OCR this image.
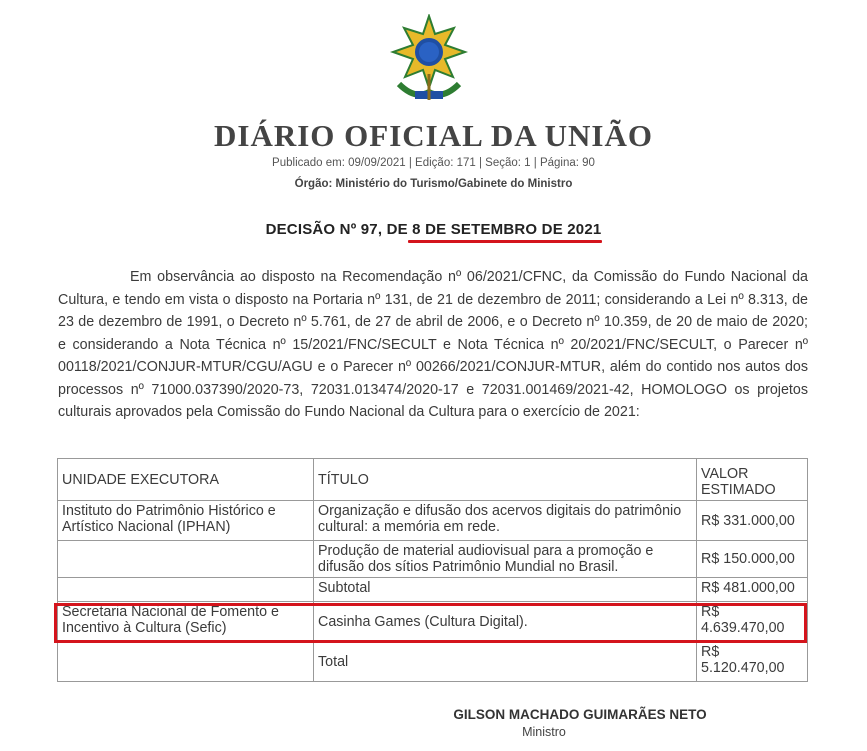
DIÁRIO OFICIAL DA UNIÃO
Publicado em: 09/09/2021 | Edição: 171 | Seção: 1 | Página: 90
Órgão: Ministério do Turismo/Gabinete do Ministro
DECISÃO Nº 97, DE 8 DE SETEMBRO DE 2021

Em observância ao disposto na Recomendação nº 06/2021/CFNC, da Comissão do Fundo Nacional da Cultura, e tendo em vista o disposto na Portaria nº 131, de 21 de dezembro de 2011; considerando a Lei nº 8.313, de 23 de dezembro de 1991, o Decreto nº 5.761, de 27 de abril de 2006, e o Decreto nº 10.359, de 20 de maio de 2020; e considerando a Nota Técnica nº 15/2021/FNC/SECULT e Nota Técnica nº 20/2021/FNC/SECULT, o Parecer nº 00118/2021/CONJUR-MTUR/CGU/AGU e o Parecer nº 00266/2021/CONJUR-MTUR, além do contido nos autos dos processos nº 71000.037390/2020-73, 72031.013474/2020-17 e 72031.001469/2021-42, HOMOLOGO os projetos culturais aprovados pela Comissão do Fundo Nacional da Cultura para o exercício de 2021:

UNIDADE EXECUTORA	TÍTULO	VALOR ESTIMADO
Instituto do Patrimônio Histórico e Artístico Nacional (IPHAN)	Organização e difusão dos acervos digitais do patrimônio cultural: a memória em rede.	R$ 331.000,00
	Produção de material audiovisual para a promoção e difusão dos sítios Patrimônio Mundial no Brasil.	R$ 150.000,00
	Subtotal	R$ 481.000,00
Secretaria Nacional de Fomento e Incentivo à Cultura (Sefic)	Casinha Games (Cultura Digital).	R$ 4.639.470,00
	Total	R$ 5.120.470,00
GILSON MACHADO GUIMARÃES NETO
Ministro
